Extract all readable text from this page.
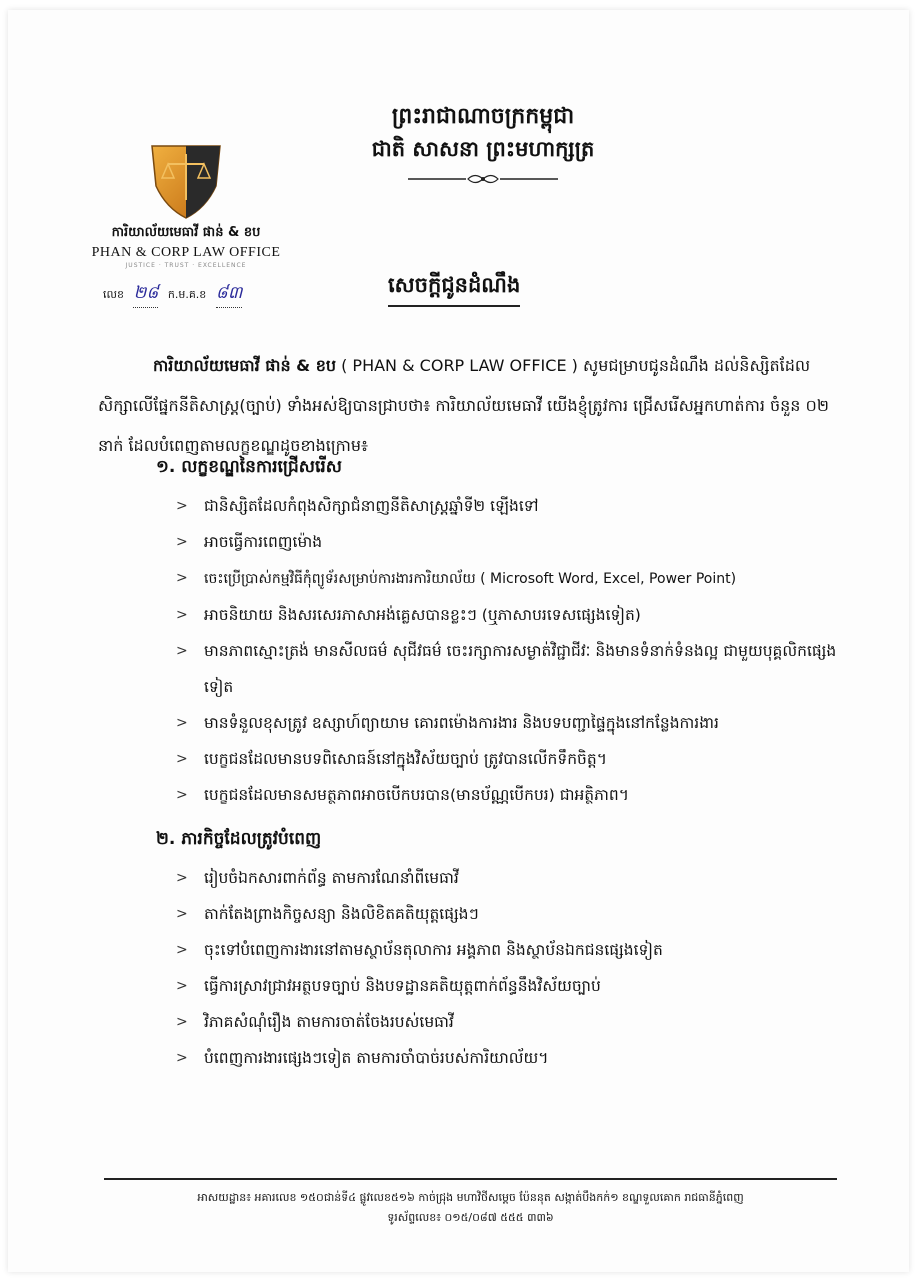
ព្រះរាជាណាចក្រកម្ពុជា
ជាតិ សាសនា ព្រះមហាក្សត្រ
ការិយាល័យមេធាវី ផាន់ & ខប
PHAN & CORP LAW OFFICE
JUSTICE · TRUST · EXCELLENCE
លេខ ២៨ ក.ម.គ.ខ ៨៣	សេចក្តីជូនដំណឹង
ការិយាល័យមេធាវី ផាន់ & ខប ( PHAN & CORP LAW OFFICE ) សូមជម្រាបជូនដំណឹង ដល់និស្សិតដែលសិក្សាលើផ្នែកនីតិសាស្ត្រ(ច្បាប់) ទាំងអស់ឱ្យបានជ្រាបថា៖ ការិយាល័យមេធាវី យើងខ្ញុំត្រូវការ ជ្រើសរើសអ្នកហាត់ការ ចំនួន ០២ នាក់ ដែលបំពេញតាមលក្ខខណ្ឌដូចខាងក្រោម៖
១. លក្ខខណ្ឌនៃការជ្រើសរើស
> ជានិស្សិតដែលកំពុងសិក្សាជំនាញនីតិសាស្ត្រឆ្នាំទី២ ឡើងទៅ
> អាចធ្វើការពេញម៉ោង
> ចេះប្រើប្រាស់កម្មវិធីកុំព្យូទ័រសម្រាប់ការងារការិយាល័យ ( Microsoft Word, Excel, Power Point)
> អាចនិយាយ និងសរសេរភាសាអង់គ្លេសបានខ្លះៗ (ឬភាសាបរទេសផ្សេងទៀត)
> មានភាពស្មោះត្រង់ មានសីលធម៌ សុជីវធម៌ ចេះរក្សាការសម្ងាត់វិជ្ជាជីវៈ និងមានទំនាក់ទំនងល្អ ជាមួយបុគ្គលិកផ្សេងទៀត
> មានទំនួលខុសត្រូវ ឧស្សាហ៍ព្យាយាម គោរពម៉ោងការងារ និងបទបញ្ជាផ្ទៃក្នុងនៅកន្លែងការងារ
> បេក្ខជនដែលមានបទពិសោធន៍នៅក្នុងវិស័យច្បាប់ ត្រូវបានលើកទឹកចិត្ត។
> បេក្ខជនដែលមានសមត្ថភាពអាចបើកបរបាន(មានប័ណ្ណបើកបរ) ជាអត្ថិភាព។
២. ភារកិច្ចដែលត្រូវបំពេញ
> រៀបចំឯកសារពាក់ព័ន្ធ តាមការណែនាំពីមេធាវី
> តាក់តែងព្រាងកិច្ចសន្យា និងលិខិតគតិយុត្តផ្សេងៗ
> ចុះទៅបំពេញការងារនៅតាមស្ថាប័នតុលាការ អង្គភាព និងស្ថាប័នឯកជនផ្សេងទៀត
> ធ្វើការស្រាវជ្រាវអត្ថបទច្បាប់ និងបទដ្ឋានគតិយុត្តពាក់ព័ន្ធនឹងវិស័យច្បាប់
> វិភាគសំណុំរឿង តាមការចាត់ចែងរបស់មេធាវី
> បំពេញការងារផ្សេងៗទៀត តាមការចាំបាច់របស់ការិយាល័យ។
អាសយដ្ឋាន៖ អគារលេខ ១៥០ជាន់ទី៤ ផ្លូវលេខ៥១៦ កាច់ជ្រុង មហាវិថីសម្តេច ប៉ែននុត សង្កាត់បឹងកក់១ ខណ្ឌទួលគោក រាជធានីភ្នំពេញ
ទូរស័ព្ទលេខ៖ ០១៥/០៨៧ ៥៥៥ ៣៣៦
